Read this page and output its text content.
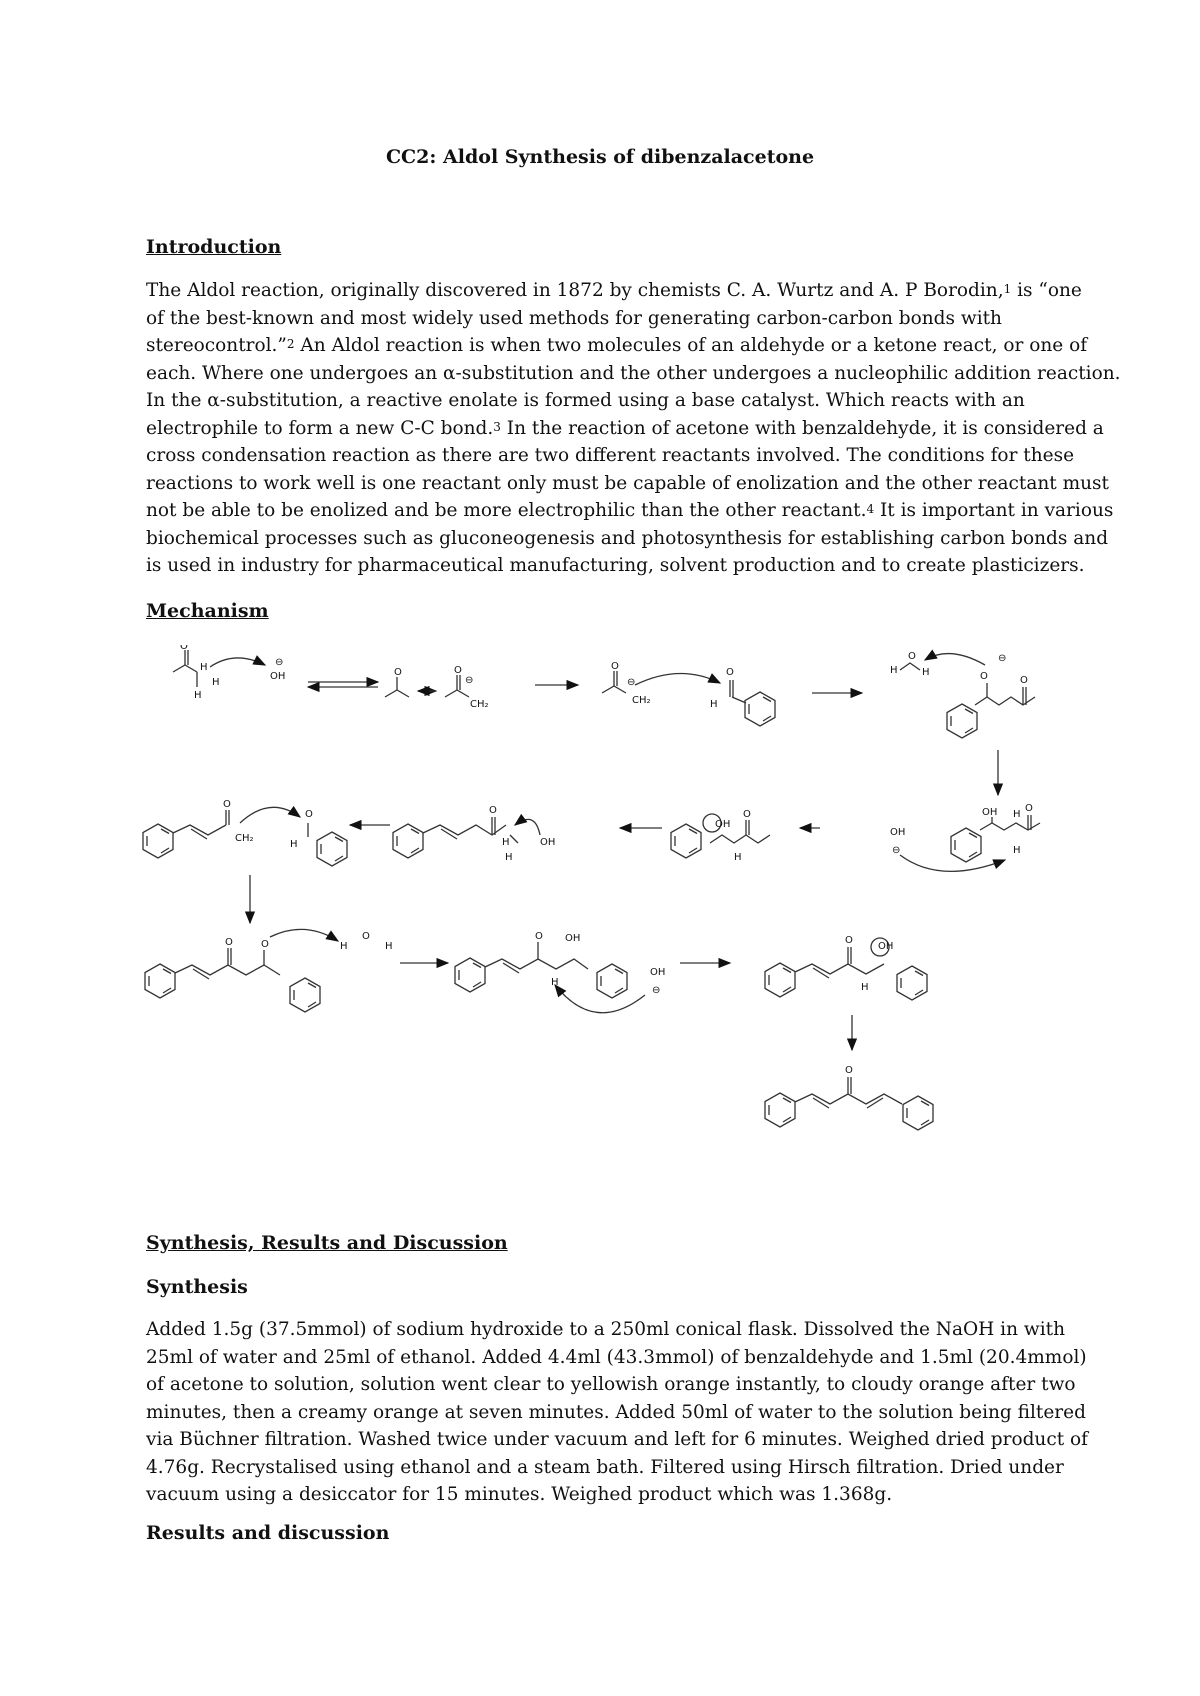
CC2: Aldol Synthesis of dibenzalacetone
Introduction
The Aldol reaction, originally discovered in 1872 by chemists C. A. Wurtz and A. P Borodin,$^1$ is “one
of the best-known and most widely used methods for generating carbon-carbon bonds with
stereocontrol.”$^2$ An Aldol reaction is when two molecules of an aldehyde or a ketone react, or one of
each. Where one undergoes an α-substitution and the other undergoes a nucleophilic addition reaction.
In the α-substitution, a reactive enolate is formed using a base catalyst. Which reacts with an
electrophile to form a new C-C bond.$^3$ In the reaction of acetone with benzaldehyde, it is considered a
cross condensation reaction as there are two different reactants involved. The conditions for these
reactions to work well is one reactant only must be capable of enolization and the other reactant must
not be able to be enolized and be more electrophilic than the other reactant.$^4$ It is important in various
biochemical processes such as gluconeogenesis and photosynthesis for establishing carbon bonds and
is used in industry for pharmaceutical manufacturing, solvent production and to create plasticizers.
Mechanism
O
H
H
H
OH
⊖
O	O
⊖
CH₂
O
⊖
CH₂
O
H
H
O
H
⊖
O	O
OH
⊖
OH H
O
H
OH
O
H
O
H
H
OH
O
CH₂
O
H
O	O	H
O
H
O OH
H
OH
⊖
O
H
OH
O
Synthesis, Results and Discussion
Synthesis
Added 1.5g (37.5mmol) of sodium hydroxide to a 250ml conical flask. Dissolved the NaOH in with
25ml of water and 25ml of ethanol. Added 4.4ml (43.3mmol) of benzaldehyde and 1.5ml (20.4mmol)
of acetone to solution, solution went clear to yellowish orange instantly, to cloudy orange after two
minutes, then a creamy orange at seven minutes. Added 50ml of water to the solution being filtered
via Büchner filtration. Washed twice under vacuum and left for 6 minutes. Weighed dried product of
4.76g. Recrystalised using ethanol and a steam bath. Filtered using Hirsch filtration. Dried under
vacuum using a desiccator for 15 minutes. Weighed product which was 1.368g.
Results and discussion
